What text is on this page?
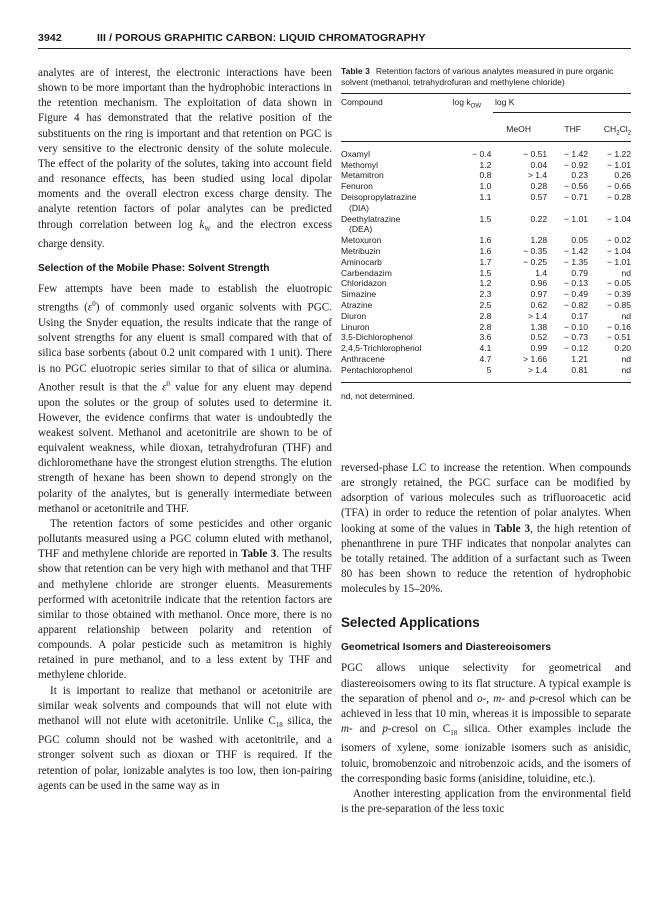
3942	III / POROUS GRAPHITIC CARBON: LIQUID CHROMATOGRAPHY

analytes are of interest, the electronic interactions have been shown to be more important than the hydrophobic interactions in the retention mechanism. The exploitation of data shown in Figure 4 has demonstrated that the relative position of the substituents on the ring is important and that retention on PGC is very sensitive to the electronic density of the solute molecule. The effect of the polarity of the solutes, taking into account field and resonance effects, has been studied using local dipolar moments and the overall electron excess charge density. The analyte retention factors of polar analytes can be predicted through correlation between $\log k_W$ and the electron excess charge density.

Selection of the Mobile Phase: Solvent Strength

Few attempts have been made to establish the eluotropic strengths $(\varepsilon^0)$ of commonly used organic solvents with PGC. Using the Snyder equation, the results indicate that the range of solvent strengths for any eluent is small compared with that of silica base sorbents (about 0.2 unit compared with 1 unit). There is no PGC eluotropic series similar to that of silica or alumina. Another result is that the $\varepsilon^0$ value for any eluent may depend upon the solutes or the group of solutes used to determine it. However, the evidence confirms that water is undoubtedly the weakest solvent. Methanol and acetonitrile are shown to be of equivalent weakness, while dioxan, tetrahydrofuran (THF) and dichloromethane have the strongest elution strengths. The elution strength of hexane has been shown to depend strongly on the polarity of the analytes, but is generally intermediate between methanol or acetonitrile and THF.

The retention factors of some pesticides and other organic pollutants measured using a PGC column eluted with methanol, THF and methylene chloride are reported in Table 3. The results show that retention can be very high with methanol and that THF and methylene chloride are stronger eluents. Measurements performed with acetonitrile indicate that the retention factors are similar to those obtained with methanol. Once more, there is no apparent relationship between polarity and retention of compounds. A polar pesticide such as metamitron is highly retained in pure methanol, and to a less extent by THF and methylene chloride.

It is important to realize that methanol or acetonitrile are similar weak solvents and compounds that will not elute with methanol will not elute with acetonitrile. Unlike $C_{18}$ silica, the PGC column should not be washed with acetonitrile, and a stronger solvent such as dioxan or THF is required. If the retention of polar, ionizable analytes is too low, then ion-pairing agents can be used in the same way as in

Table 3 Retention factors of various analytes measured in pure organic solvent (methanol, tetrahydrofuran and methylene chloride)
Compound	$\log k_{OW}$	log K		

		MeOH	THF	$CH_2Cl_2$
Oxamyl	− 0.4	− 0.51	− 1.42	− 1.22
Methomyl	1.2	0.04	− 0.92	− 1.01
Metamitron	0.8	> 1.4	0.23	0.26
Fenuron	1.0	0.28	− 0.56	− 0.66
Deisopropylatrazine
(DIA)	1.1	0.57	− 0.71	− 0.28
Deethylatrazine
(DEA)	1.5	0.22	− 1.01	− 1.04
Metoxuron	1.6	1.28	0.05	− 0.02
Metribuzin	1.6	− 0.35	− 1.42	− 1.04
Aminocarb	1.7	− 0.25	− 1.35	− 1.01
Carbendazim	1.5	1.4	0.79	nd
Chloridazon	1.2	0.96	− 0.13	− 0.05
Simazine	2.3	0.97	− 0.49	− 0.39
Atrazine	2.5	0.62	− 0.82	− 0.85
Diuron	2.8	> 1.4	0.17	nd
Linuron	2.8	1.38	− 0.10	− 0.16
3,5-Dichlorophenol	3.6	0.52	− 0.73	− 0.51
2,4,5-Trichlorophenol	4.1	0.99	− 0.12	0.20
Anthracene	4.7	> 1.66	1.21	nd
Pentachlorophenol	5	> 1.4	0.81	nd
nd, not determined.

reversed-phase LC to increase the retention. When compounds are strongly retained, the PGC surface can be modified by adsorption of various molecules such as trifluoroacetic acid (TFA) in order to reduce the retention of polar analytes. When looking at some of the values in Table 3, the high retention of phenanthrene in pure THF indicates that nonpolar analytes can be totally retained. The addition of a surfactant such as Tween 80 has been shown to reduce the retention of hydrophobic molecules by 15–20%.

Selected Applications
Geometrical Isomers and Diastereoisomers

PGC allows unique selectivity for geometrical and diastereoisomers owing to its flat structure. A typical example is the separation of phenol and o-, m- and p-cresol which can be achieved in less that 10 min, whereas it is impossible to separate m- and p-cresol on $C_{18}$ silica. Other examples include the isomers of xylene, some ionizable isomers such as anisidic, toluic, bromobenzoic and nitrobenzoic acids, and the isomers of the corresponding basic forms (anisidine, toluidine, etc.).

Another interesting application from the environmental field is the pre-separation of the less toxic
